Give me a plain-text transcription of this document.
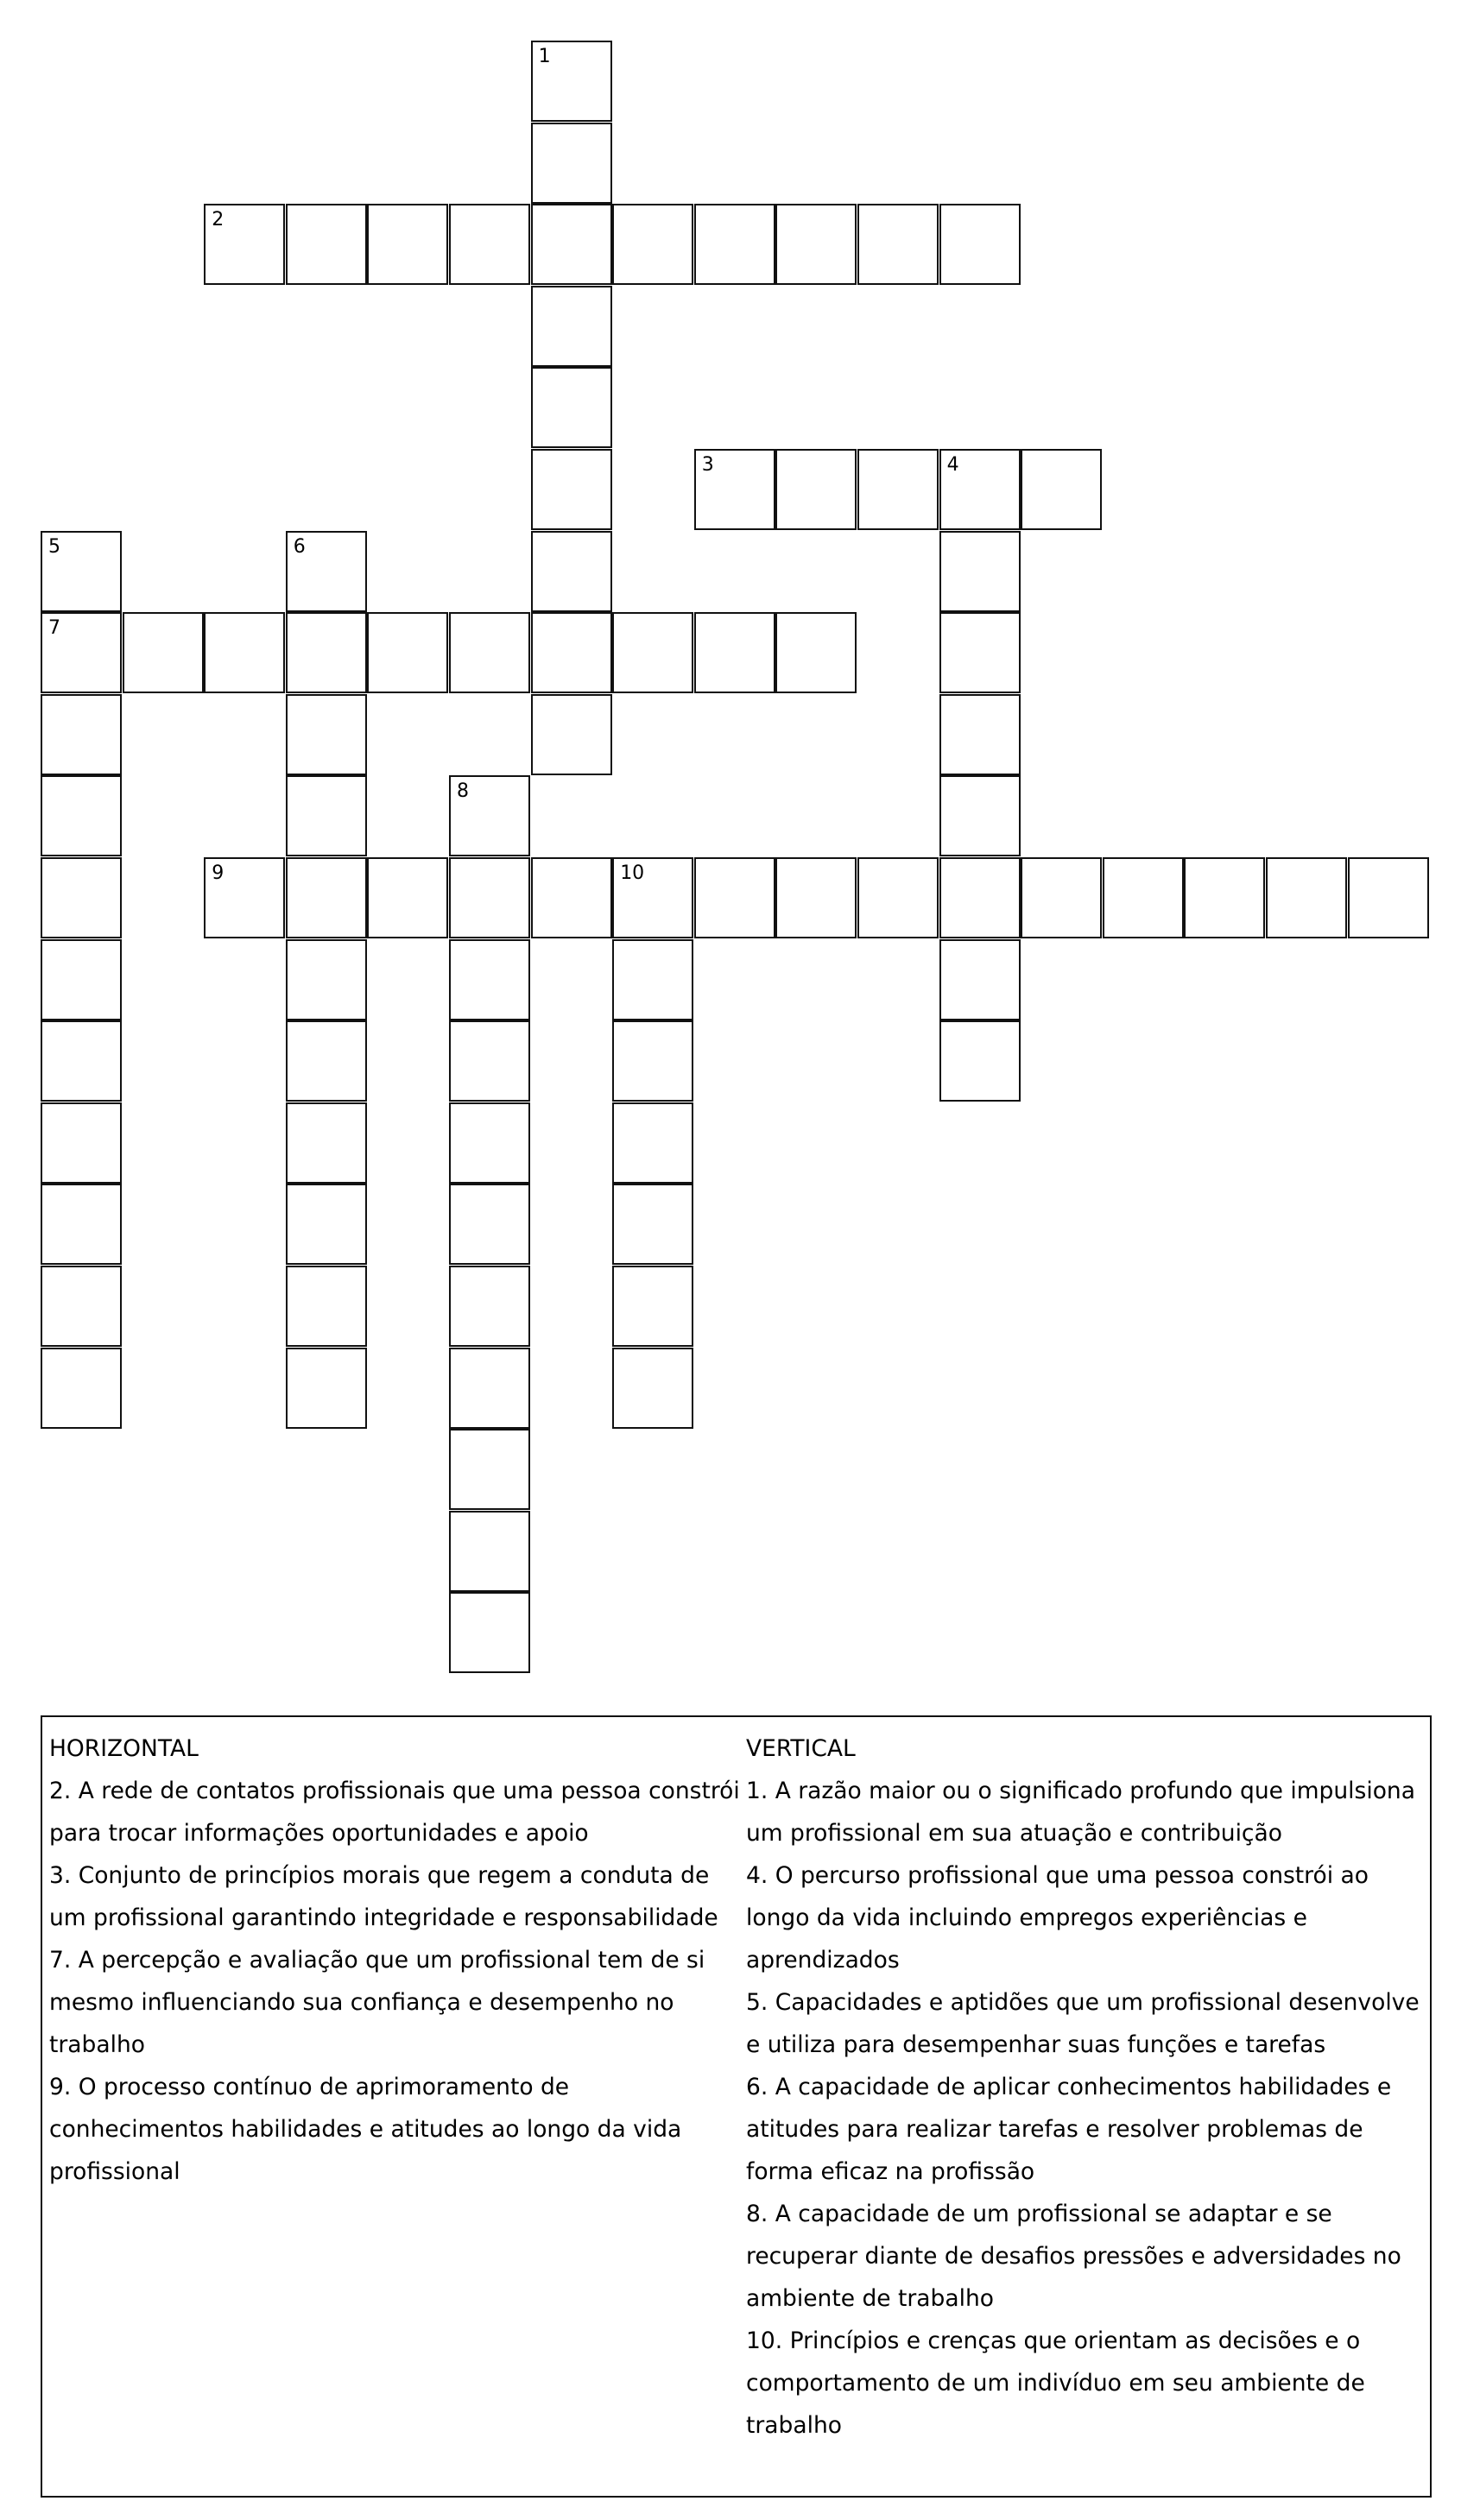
1
2
3	4
5
7
6
8
9	10
HORIZONTAL
2. A rede de contatos profissionais que uma pessoa constrói para trocar informações oportunidades e apoio
3. Conjunto de princípios morais que regem a conduta de um profissional garantindo integridade e responsabilidade
7. A percepção e avaliação que um profissional tem de si mesmo influenciando sua confiança e desempenho no trabalho
9. O processo contínuo de aprimoramento de conhecimentos habilidades e atitudes ao longo da vida profissional
VERTICAL
1. A razão maior ou o significado profundo que impulsiona um profissional em sua atuação e contribuição
4. O percurso profissional que uma pessoa constrói ao longo da vida incluindo empregos experiências e aprendizados
5. Capacidades e aptidões que um profissional desenvolve e utiliza para desempenhar suas funções e tarefas
6. A capacidade de aplicar conhecimentos habilidades e atitudes para realizar tarefas e resolver problemas de forma eficaz na profissão
8. A capacidade de um profissional se adaptar e se recuperar diante de desafios pressões e adversidades no ambiente de trabalho
10. Princípios e crenças que orientam as decisões e o comportamento de um indivíduo em seu ambiente de trabalho
